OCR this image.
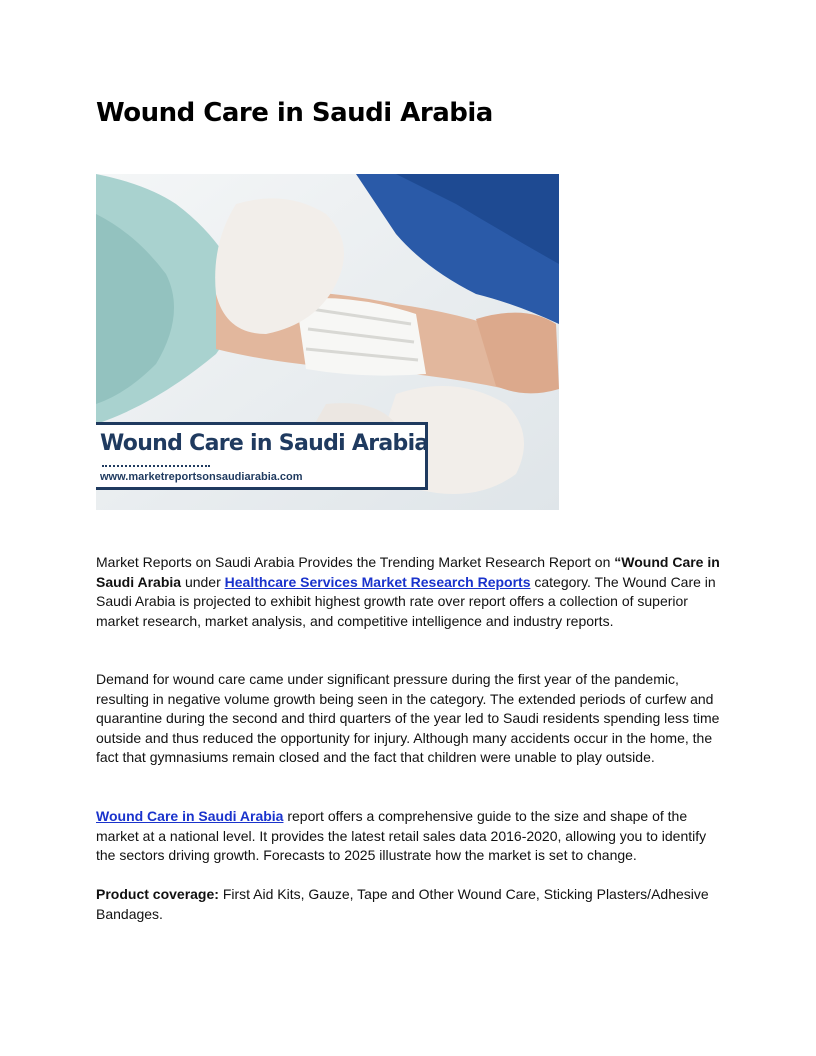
Wound Care in Saudi Arabia
Wound Care in Saudi Arabia
www.marketreportsonsaudiarabia.com

Market Reports on Saudi Arabia Provides the Trending Market Research Report on “Wound Care in Saudi Arabia under Healthcare Services Market Research Reports category. The Wound Care in Saudi Arabia is projected to exhibit highest growth rate over report offers a collection of superior market research, market analysis, and competitive intelligence and industry reports.

Demand for wound care came under significant pressure during the first year of the pandemic, resulting in negative volume growth being seen in the category. The extended periods of curfew and quarantine during the second and third quarters of the year led to Saudi residents spending less time outside and thus reduced the opportunity for injury. Although many accidents occur in the home, the fact that gymnasiums remain closed and the fact that children were unable to play outside.

Wound Care in Saudi Arabia report offers a comprehensive guide to the size and shape of the market at a national level. It provides the latest retail sales data 2016-2020, allowing you to identify the sectors driving growth. Forecasts to 2025 illustrate how the market is set to change.

Product coverage: First Aid Kits, Gauze, Tape and Other Wound Care, Sticking Plasters/Adhesive Bandages.
